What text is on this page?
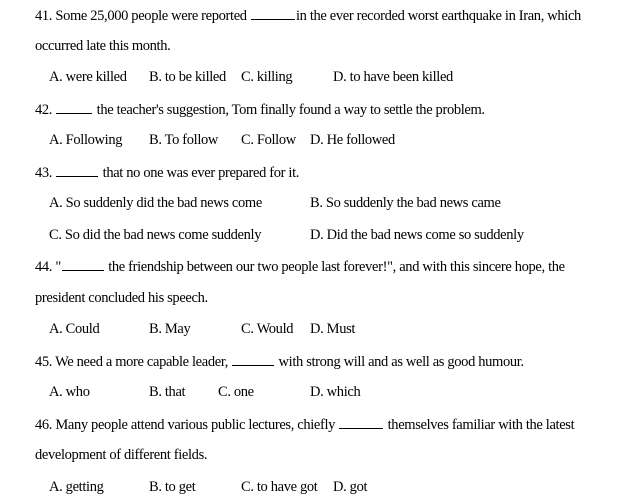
41. Some 25,000 people were reported	in the ever recorded worst earthquake in Iran, which
occurred late this month.
A. were killed B. to be killed C. killing	D. to have been killed
42.	the teacher's suggestion, Tom finally found a way to settle the problem.
A. Following B. To follow C. Follow D. He followed
43.	that no one was ever prepared for it.
A. So suddenly did the bad news come	B. So suddenly the bad news came
C. So did the bad news come suddenly	D. Did the bad news come so suddenly
44. "	the friendship between our two people last forever!", and with this sincere hope, the
president concluded his speech.
A. Could	B. May	C. Would D. Must
45. We need a more capable leader,	with strong will and as well as good humour.
A. who	B. that C. one	D. which
46. Many people attend various public lectures, chiefly	themselves familiar with the latest
development of different fields.
A. getting	B. to get	C. to have got D. got
